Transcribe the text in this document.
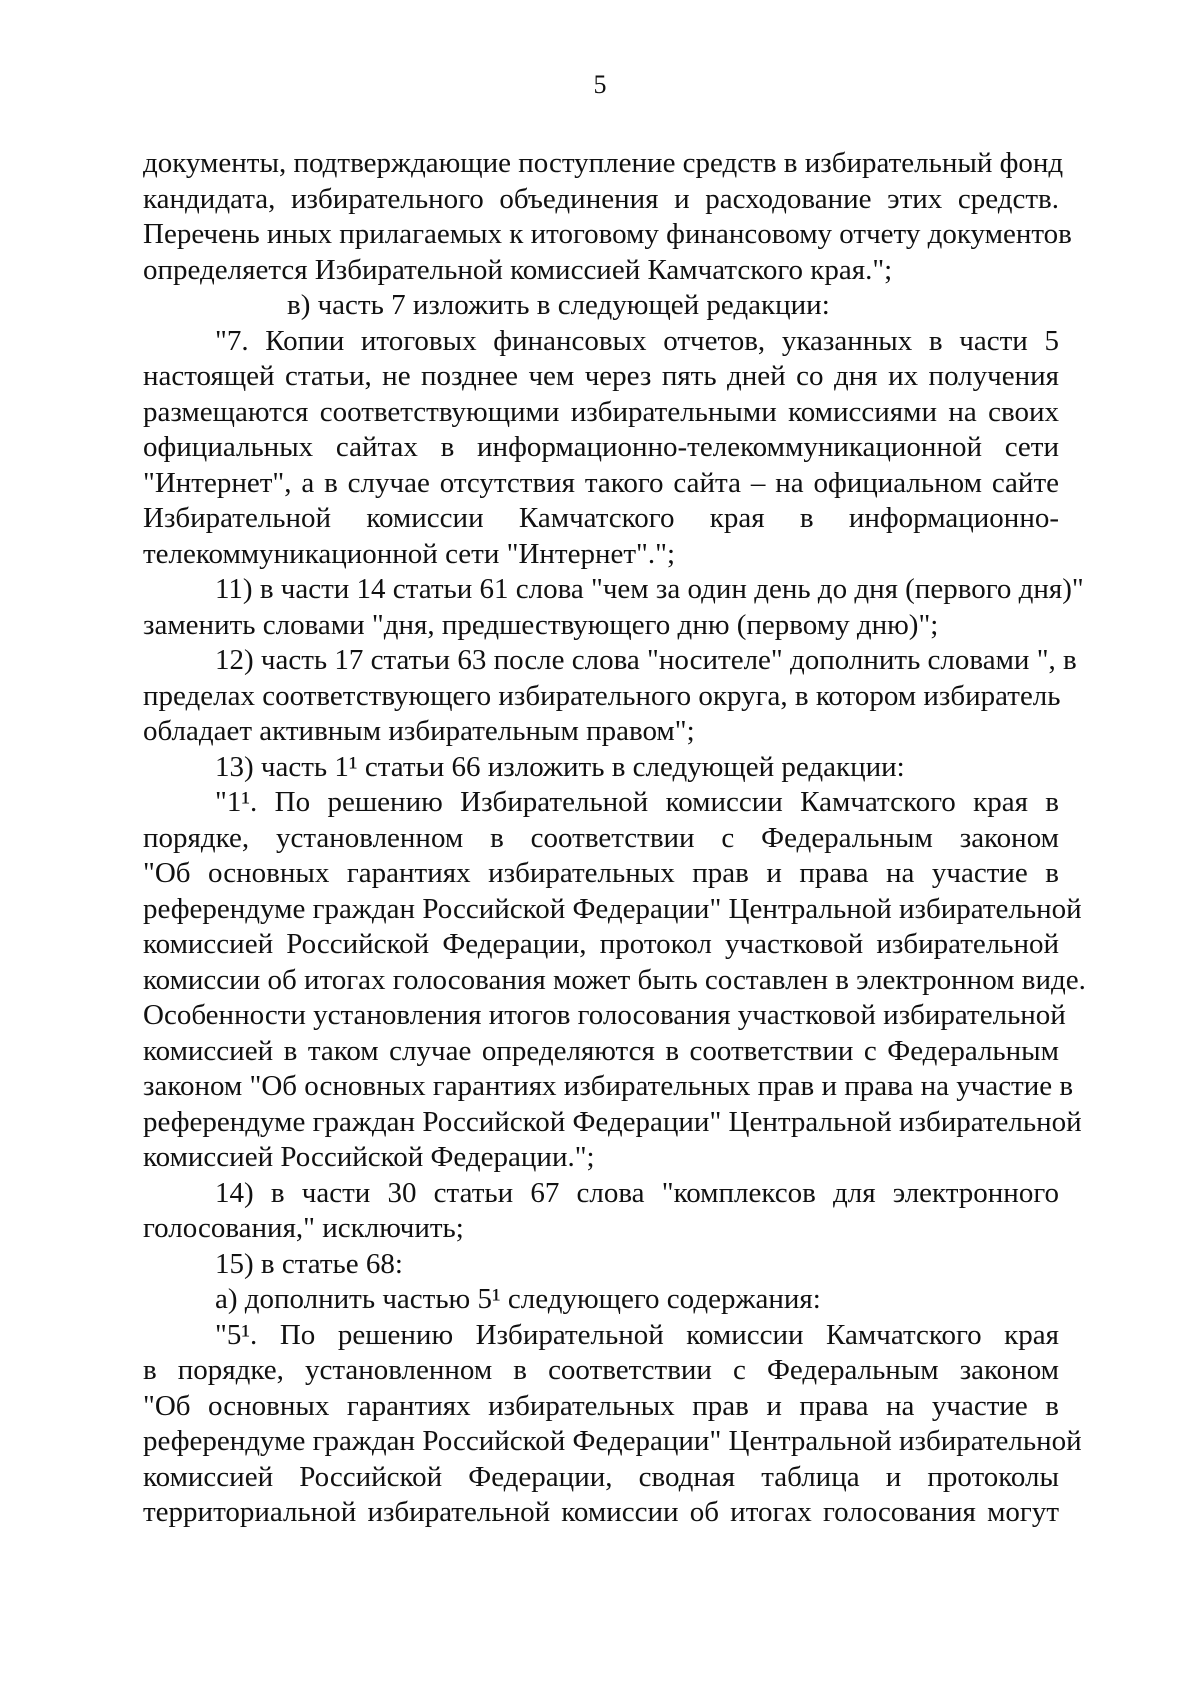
5

документы, подтверждающие поступление средств в избирательный фонд
кандидата, избирательного объединения и расходование этих средств.
Перечень иных прилагаемых к итоговому финансовому отчету документов
определяется Избирательной комиссией Камчатского края.";

в) часть 7 изложить в следующей редакции:

"7. Копии итоговых финансовых отчетов, указанных в части 5
настоящей статьи, не позднее чем через пять дней со дня их получения
размещаются соответствующими избирательными комиссиями на своих
официальных сайтах в информационно-телекоммуникационной сети
"Интернет", а в случае отсутствия такого сайта – на официальном сайте
Избирательной комиссии Камчатского края в информационно-
телекоммуникационной сети "Интернет".";

11) в части 14 статьи 61 слова "чем за один день до дня (первого дня)"
заменить словами "дня, предшествующего дню (первому дню)";

12) часть 17 статьи 63 после слова "носителе" дополнить словами ", в
пределах соответствующего избирательного округа, в котором избиратель
обладает активным избирательным правом";

13) часть 1¹ статьи 66 изложить в следующей редакции:

"1¹. По решению Избирательной комиссии Камчатского края в
порядке, установленном в соответствии с Федеральным законом
"Об основных гарантиях избирательных прав и права на участие в
референдуме граждан Российской Федерации" Центральной избирательной
комиссией Российской Федерации, протокол участковой избирательной
комиссии об итогах голосования может быть составлен в электронном виде.
Особенности установления итогов голосования участковой избирательной
комиссией в таком случае определяются в соответствии с Федеральным
законом "Об основных гарантиях избирательных прав и права на участие в
референдуме граждан Российской Федерации" Центральной избирательной
комиссией Российской Федерации.";

14) в части 30 статьи 67 слова "комплексов для электронного
голосования," исключить;

15) в статье 68:

а) дополнить частью 5¹ следующего содержания:

"5¹. По решению Избирательной комиссии Камчатского края
в порядке, установленном в соответствии с Федеральным законом
"Об основных гарантиях избирательных прав и права на участие в
референдуме граждан Российской Федерации" Центральной избирательной
комиссией Российской Федерации, сводная таблица и протоколы
территориальной избирательной комиссии об итогах голосования могут
